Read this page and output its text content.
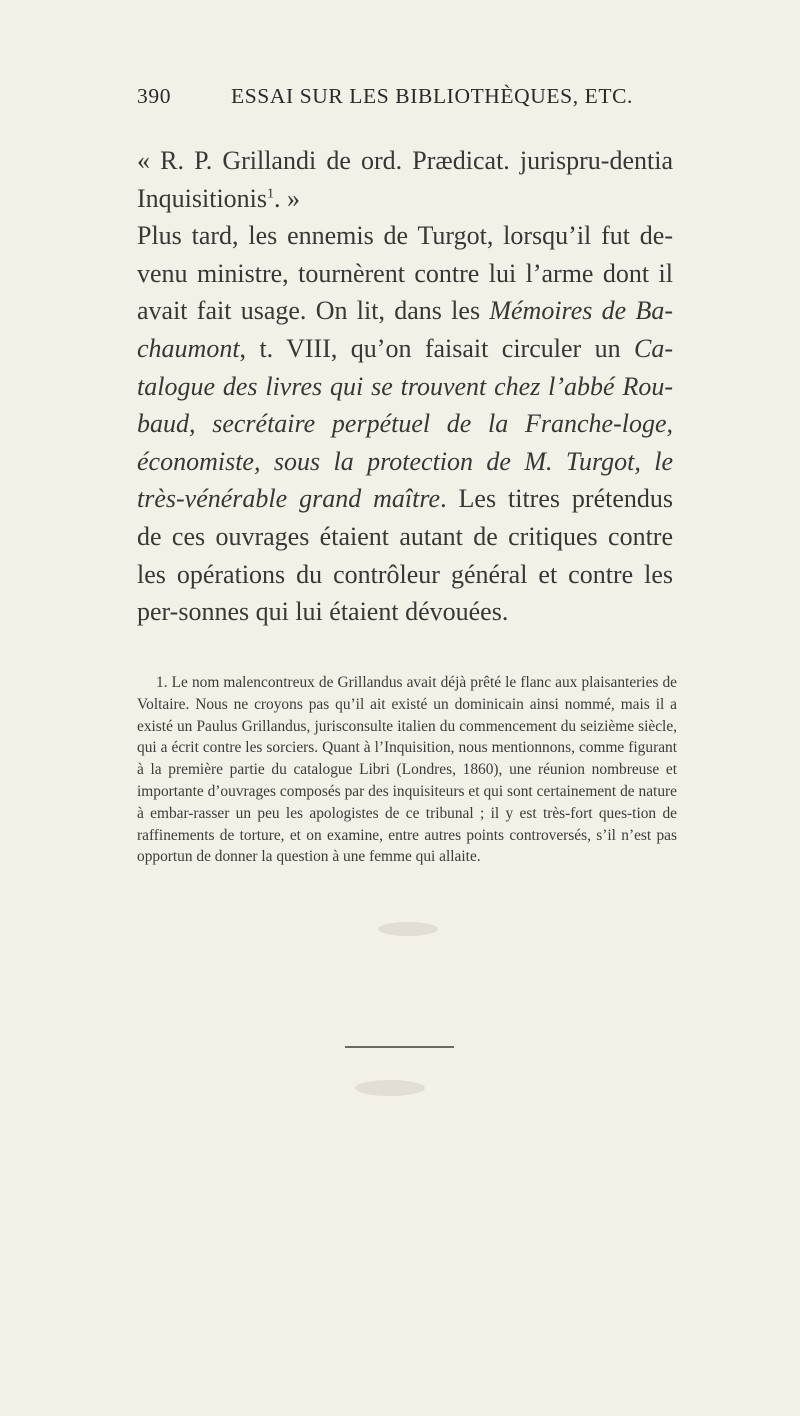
390	ESSAI SUR LES BIBLIOTHÈQUES, ETC.

« R. P. Grillandi de ord. Prædicat. jurispru-dentia Inquisitionis$^1$. »

Plus tard, les ennemis de Turgot, lorsqu’il fut de-venu ministre, tournèrent contre lui l’arme dont il avait fait usage. On lit, dans les Mémoires de Ba-chaumont, t. VIII, qu’on faisait circuler un Ca-talogue des livres qui se trouvent chez l’abbé Rou-baud, secrétaire perpétuel de la Franche-loge, économiste, sous la protection de M. Turgot, le très-vénérable grand maître. Les titres prétendus de ces ouvrages étaient autant de critiques contre les opérations du contrôleur général et contre les per-sonnes qui lui étaient dévouées.

1. Le nom malencontreux de Grillandus avait déjà prêté le flanc aux plaisanteries de Voltaire. Nous ne croyons pas qu’il ait existé un dominicain ainsi nommé, mais il a existé un Paulus Grillandus, jurisconsulte italien du commencement du seizième siècle, qui a écrit contre les sorciers. Quant à l’Inquisition, nous mentionnons, comme figurant à la première partie du catalogue Libri (Londres, 1860), une réunion nombreuse et importante d’ouvrages composés par des inquisiteurs et qui sont certainement de nature à embar-rasser un peu les apologistes de ce tribunal ; il y est très-fort ques-tion de raffinements de torture, et on examine, entre autres points controversés, s’il n’est pas opportun de donner la question à une femme qui allaite.
